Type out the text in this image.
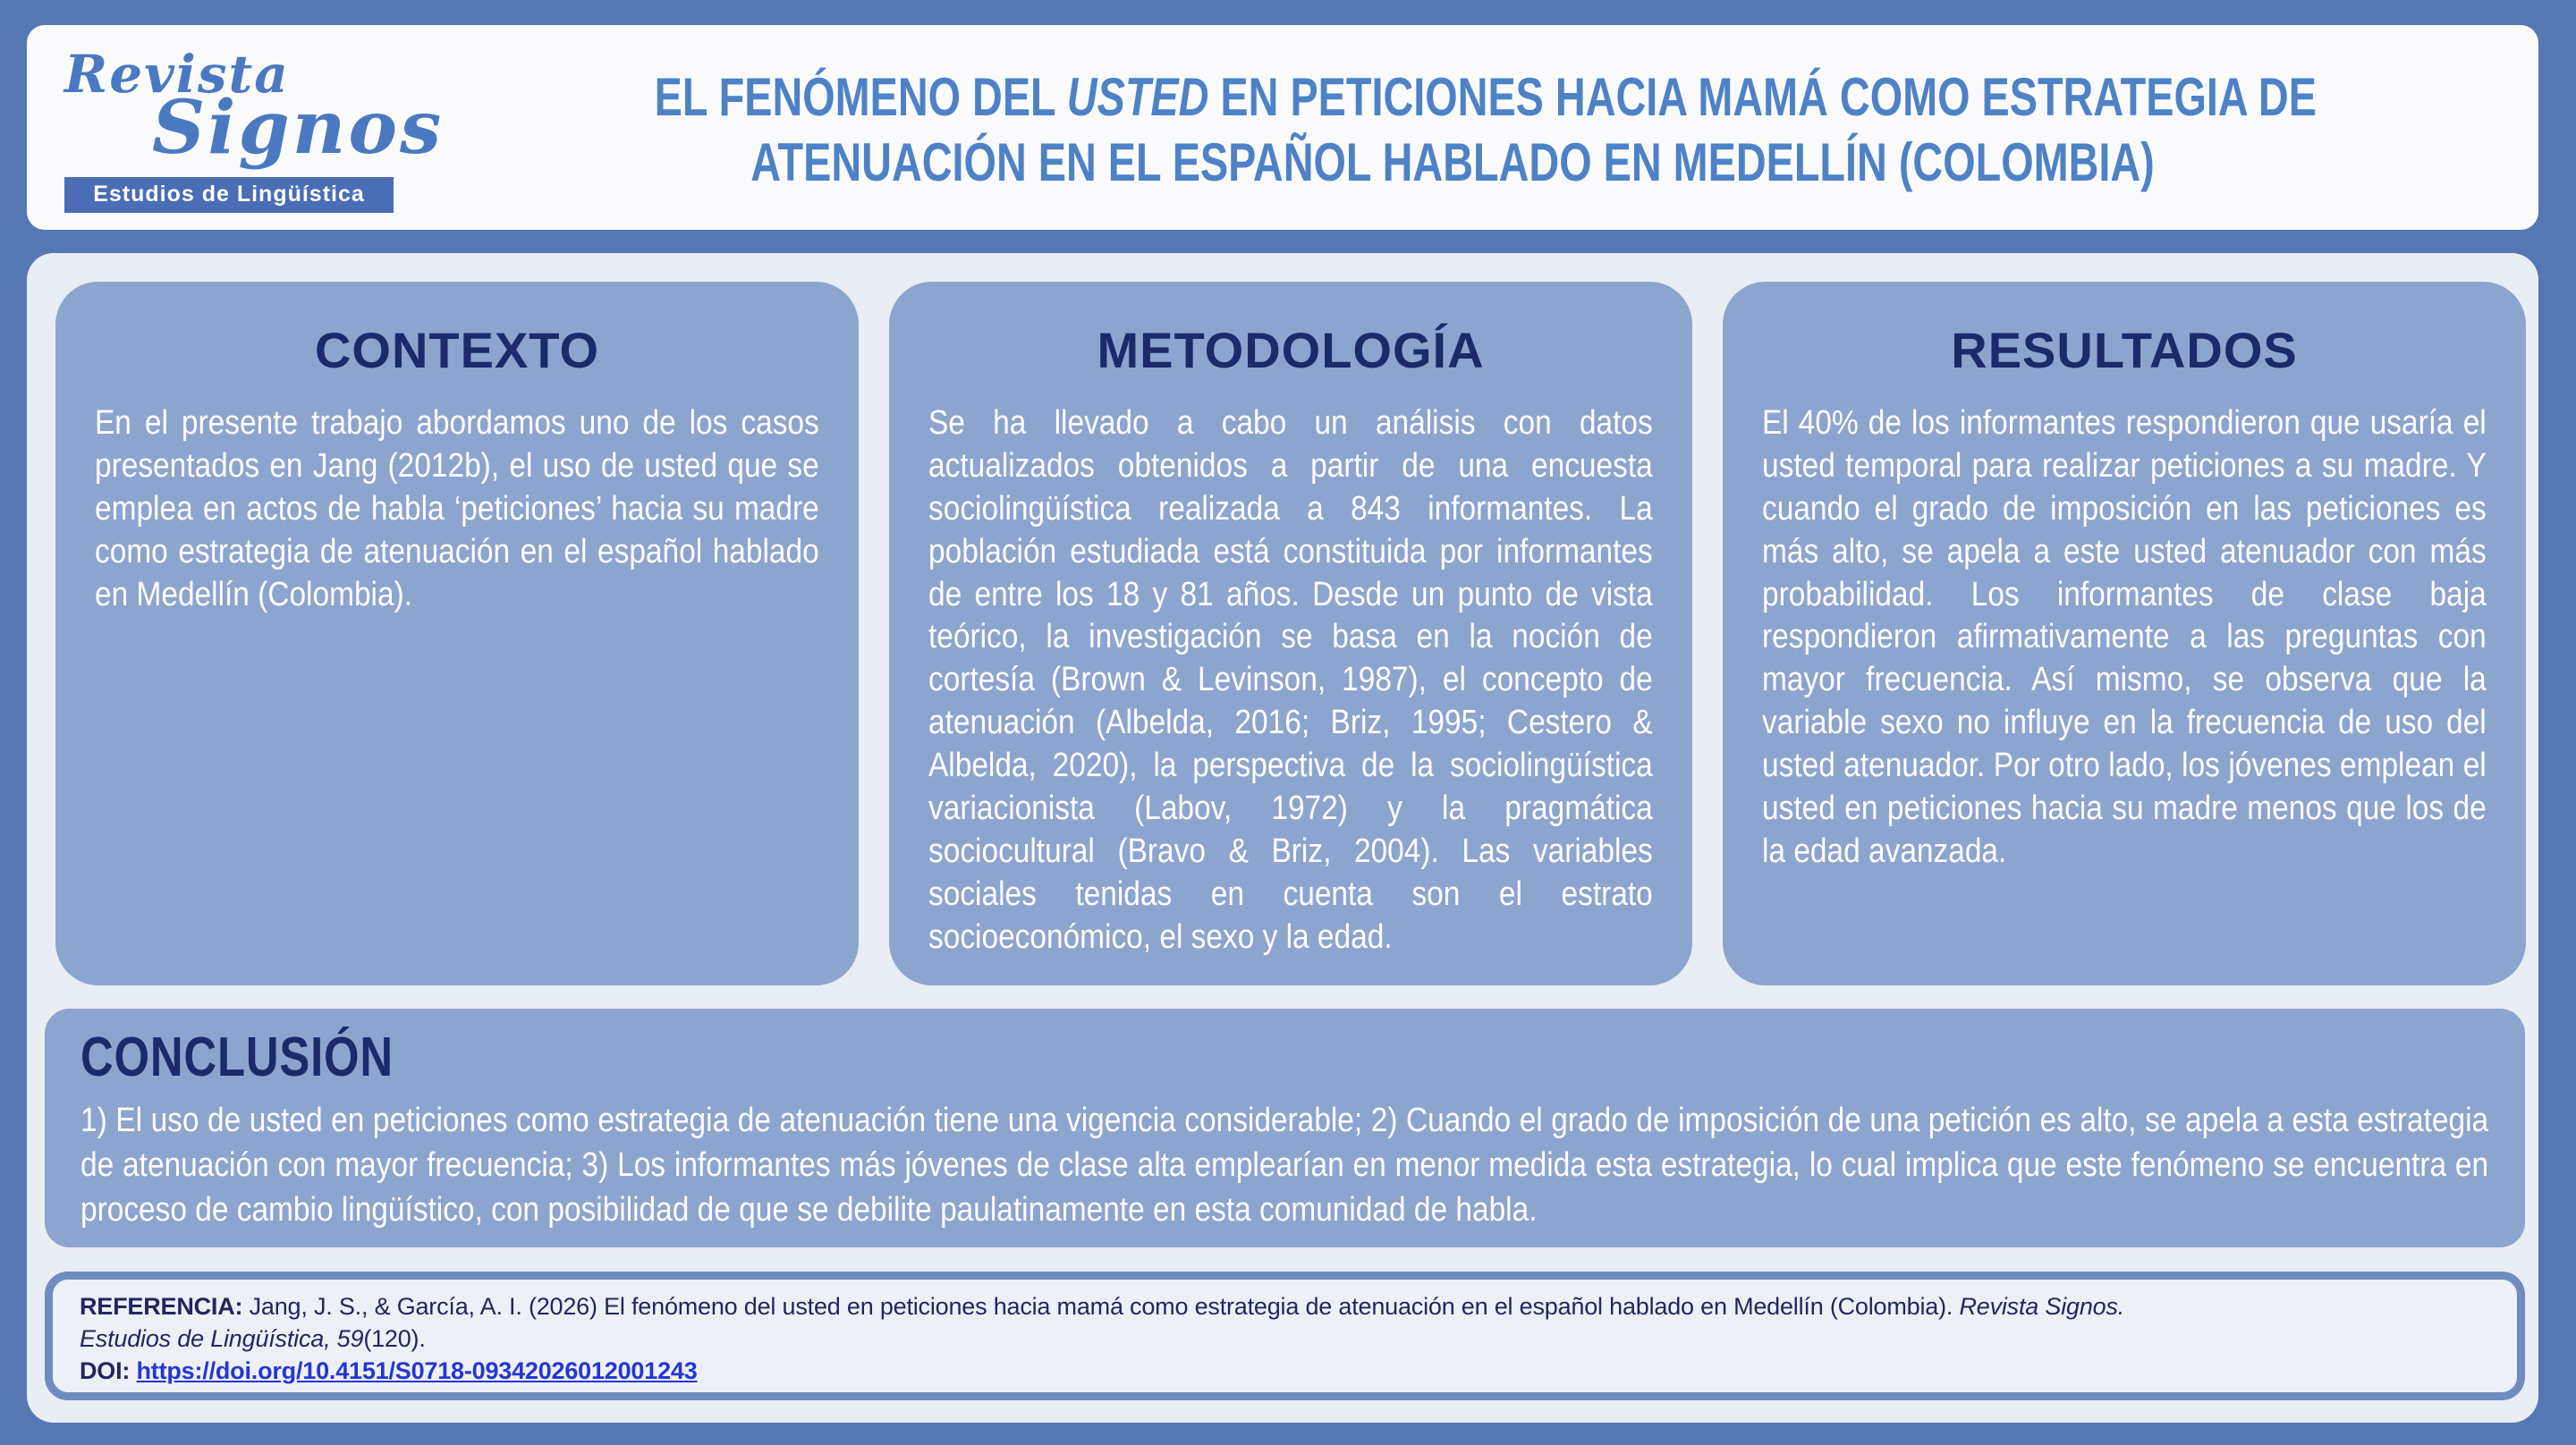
Revista
Signos
Estudios de Lingüística
EL FENÓMENO DEL USTED EN PETICIONES HACIA MAMÁ COMO ESTRATEGIA DE
ATENUACIÓN EN EL ESPAÑOL HABLADO EN MEDELLÍN (COLOMBIA)
CONTEXTO

En el presente trabajo abordamos uno de los casos presentados en Jang (2012b), el uso de usted que se emplea en actos de habla ‘peticiones’ hacia su madre como estrategia de atenuación en el español hablado en Medellín (Colombia).

METODOLOGÍA

Se ha llevado a cabo un análisis con datos actualizados obtenidos a partir de una encuesta sociolingüística realizada a 843 informantes. La población estudiada está constituida por informantes de entre los 18 y 81 años. Desde un punto de vista teórico, la investigación se basa en la noción de cortesía (Brown & Levinson, 1987), el concepto de atenuación (Albelda, 2016; Briz, 1995; Cestero & Albelda, 2020), la perspectiva de la sociolingüística variacionista (Labov, 1972) y la pragmática sociocultural (Bravo & Briz, 2004). Las variables sociales tenidas en cuenta son el estrato socioeconómico, el sexo y la edad.

RESULTADOS

El 40% de los informantes respondieron que usaría el usted temporal para realizar peticiones a su madre. Y cuando el grado de imposición en las peticiones es más alto, se apela a este usted atenuador con más probabilidad. Los informantes de clase baja respondieron afirmativamente a las preguntas con mayor frecuencia. Así mismo, se observa que la variable sexo no influye en la frecuencia de uso del usted atenuador. Por otro lado, los jóvenes emplean el usted en peticiones hacia su madre menos que los de la edad avanzada.

CONCLUSIÓN

1) El uso de usted en peticiones como estrategia de atenuación tiene una vigencia considerable; 2) Cuando el grado de imposición de una petición es alto, se apela a esta estrategia de atenuación con mayor frecuencia; 3) Los informantes más jóvenes de clase alta emplearían en menor medida esta estrategia, lo cual implica que este fenómeno se encuentra en proceso de cambio lingüístico, con posibilidad de que se debilite paulatinamente en esta comunidad de habla.

REFERENCIA: Jang, J. S., & García, A. I. (2026) El fenómeno del usted en peticiones hacia mamá como estrategia de atenuación en el español hablado en Medellín (Colombia). Revista Signos.
Estudios de Lingüística, 59(120).
DOI: https://doi.org/10.4151/S0718-09342026012001243
